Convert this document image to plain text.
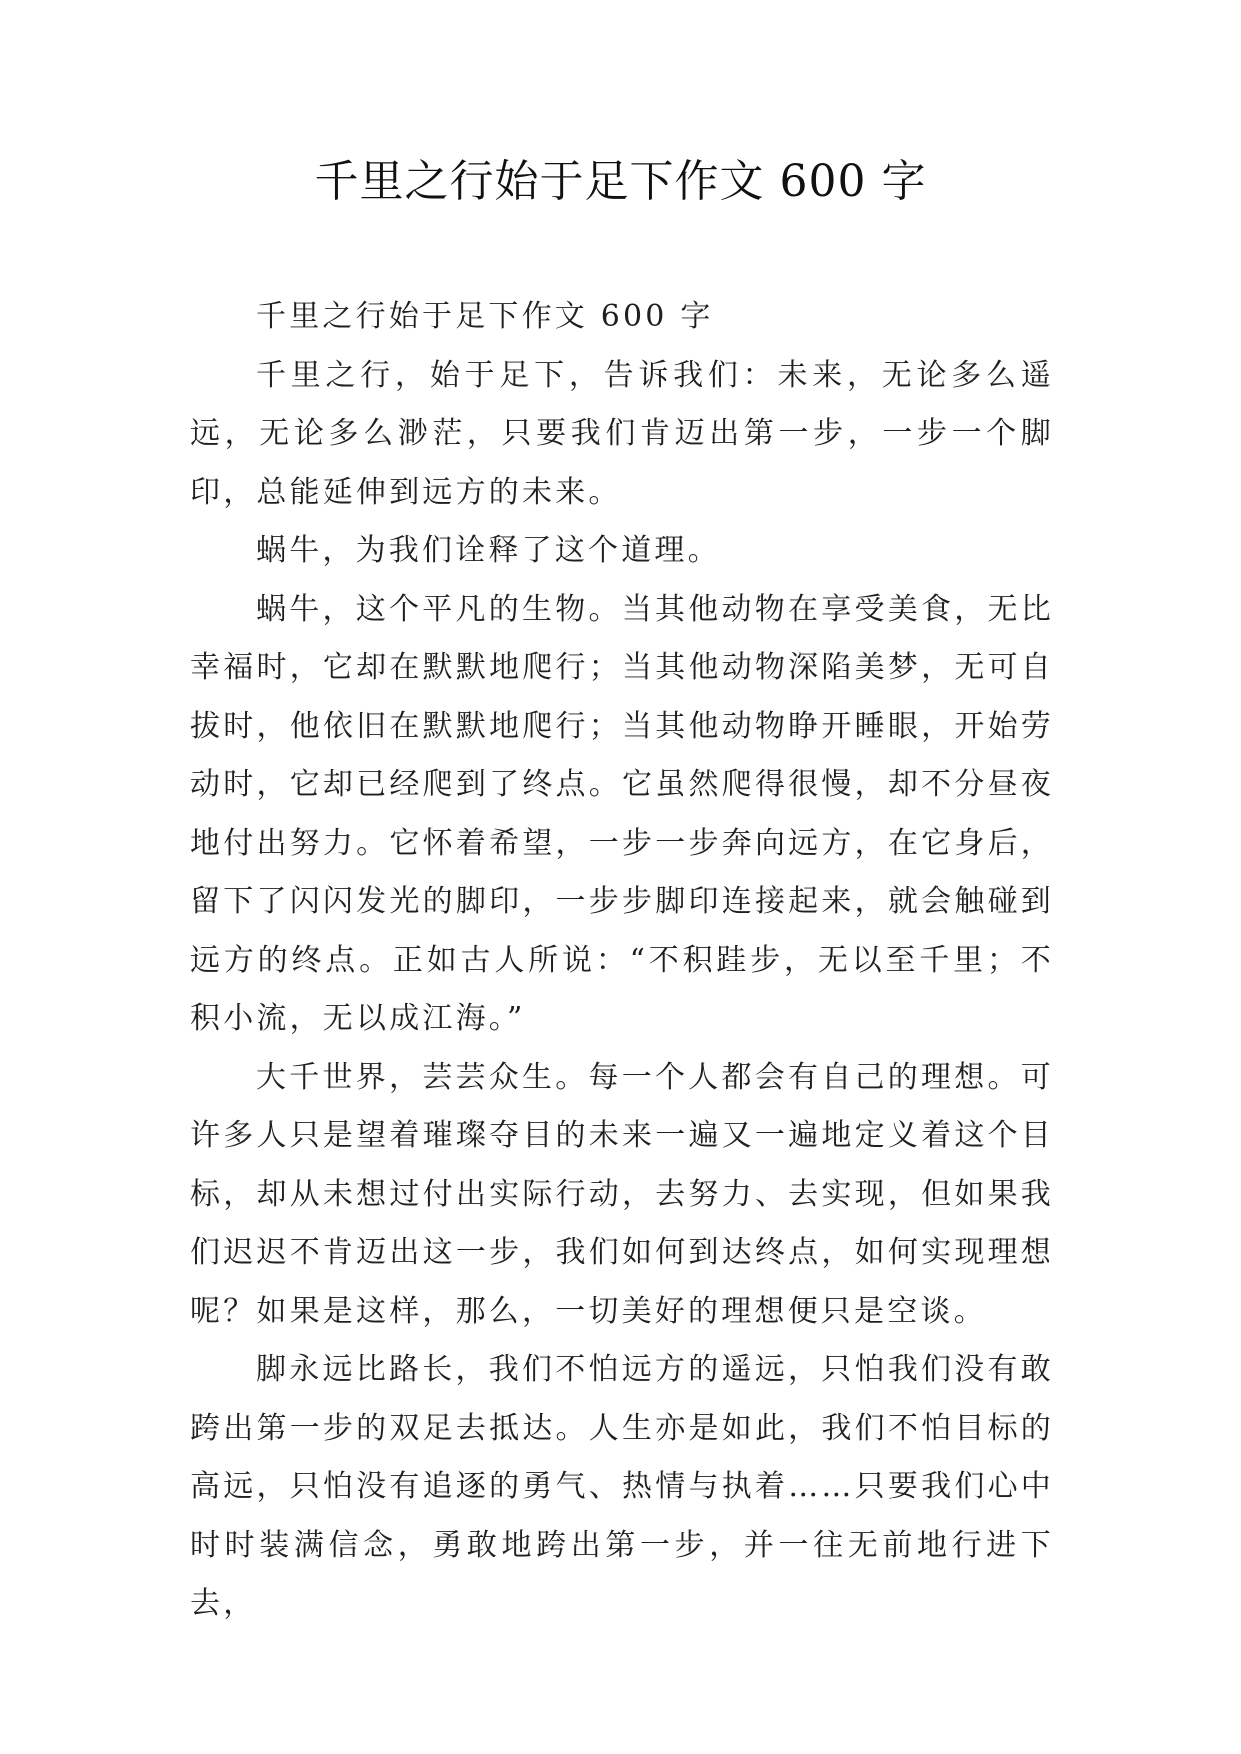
千里之行始于足下作文 600 字

千里之行始于足下作文 600 字

千里之行，始于足下，告诉我们：未来，无论多么遥远，无论多么渺茫，只要我们肯迈出第一步，一步一个脚印，总能延伸到远方的未来。

蜗牛，为我们诠释了这个道理。

蜗牛，这个平凡的生物。当其他动物在享受美食，无比幸福时，它却在默默地爬行；当其他动物深陷美梦，无可自拔时，他依旧在默默地爬行；当其他动物睁开睡眼，开始劳动时，它却已经爬到了终点。它虽然爬得很慢，却不分昼夜地付出努力。它怀着希望，一步一步奔向远方，在它身后，留下了闪闪发光的脚印，一步步脚印连接起来，就会触碰到远方的终点。正如古人所说：“不积跬步，无以至千里；不积小流，无以成江海。”

大千世界，芸芸众生。每一个人都会有自己的理想。可许多人只是望着璀璨夺目的未来一遍又一遍地定义着这个目标，却从未想过付出实际行动，去努力、去实现，但如果我们迟迟不肯迈出这一步，我们如何到达终点，如何实现理想呢？如果是这样，那么，一切美好的理想便只是空谈。

脚永远比路长，我们不怕远方的遥远，只怕我们没有敢跨出第一步的双足去抵达。人生亦是如此，我们不怕目标的高远，只怕没有追逐的勇气、热情与执着……只要我们心中时时装满信念，勇敢地跨出第一步，并一往无前地行进下去，
